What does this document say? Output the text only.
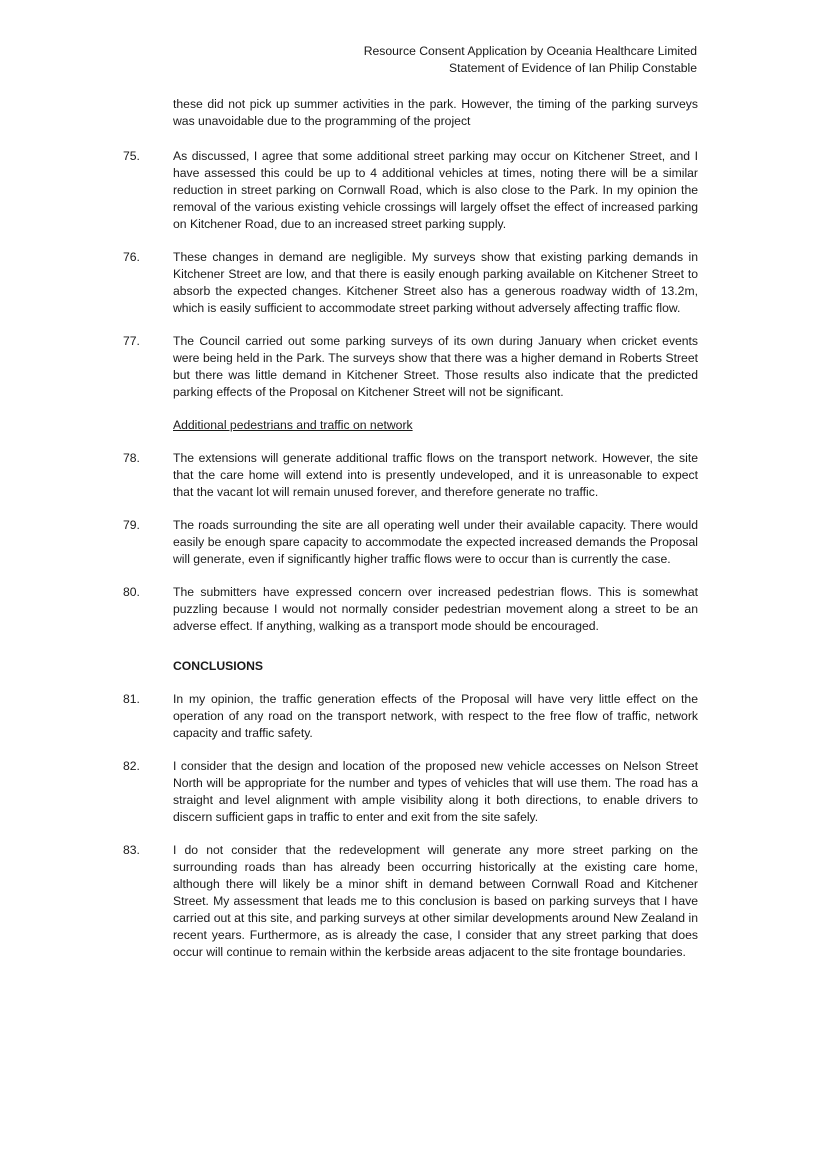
Resource Consent Application by Oceania Healthcare Limited
Statement of Evidence of Ian Philip Constable
these did not pick up summer activities in the park. However, the timing of the parking surveys was unavoidable due to the programming of the project
75.	As discussed, I agree that some additional street parking may occur on Kitchener Street, and I have assessed this could be up to 4 additional vehicles at times, noting there will be a similar reduction in street parking on Cornwall Road, which is also close to the Park. In my opinion the removal of the various existing vehicle crossings will largely offset the effect of increased parking on Kitchener Road, due to an increased street parking supply.
76.	These changes in demand are negligible. My surveys show that existing parking demands in Kitchener Street are low, and that there is easily enough parking available on Kitchener Street to absorb the expected changes. Kitchener Street also has a generous roadway width of 13.2m, which is easily sufficient to accommodate street parking without adversely affecting traffic flow.
77.	The Council carried out some parking surveys of its own during January when cricket events were being held in the Park. The surveys show that there was a higher demand in Roberts Street but there was little demand in Kitchener Street. Those results also indicate that the predicted parking effects of the Proposal on Kitchener Street will not be significant.
Additional pedestrians and traffic on network
78.	The extensions will generate additional traffic flows on the transport network. However, the site that the care home will extend into is presently undeveloped, and it is unreasonable to expect that the vacant lot will remain unused forever, and therefore generate no traffic.
79.	The roads surrounding the site are all operating well under their available capacity. There would easily be enough spare capacity to accommodate the expected increased demands the Proposal will generate, even if significantly higher traffic flows were to occur than is currently the case.
80.	The submitters have expressed concern over increased pedestrian flows. This is somewhat puzzling because I would not normally consider pedestrian movement along a street to be an adverse effect. If anything, walking as a transport mode should be encouraged.
CONCLUSIONS
81.	In my opinion, the traffic generation effects of the Proposal will have very little effect on the operation of any road on the transport network, with respect to the free flow of traffic, network capacity and traffic safety.
82.	I consider that the design and location of the proposed new vehicle accesses on Nelson Street North will be appropriate for the number and types of vehicles that will use them. The road has a straight and level alignment with ample visibility along it both directions, to enable drivers to discern sufficient gaps in traffic to enter and exit from the site safely.
83.	I do not consider that the redevelopment will generate any more street parking on the surrounding roads than has already been occurring historically at the existing care home, although there will likely be a minor shift in demand between Cornwall Road and Kitchener Street. My assessment that leads me to this conclusion is based on parking surveys that I have carried out at this site, and parking surveys at other similar developments around New Zealand in recent years. Furthermore, as is already the case, I consider that any street parking that does occur will continue to remain within the kerbside areas adjacent to the site frontage boundaries.
